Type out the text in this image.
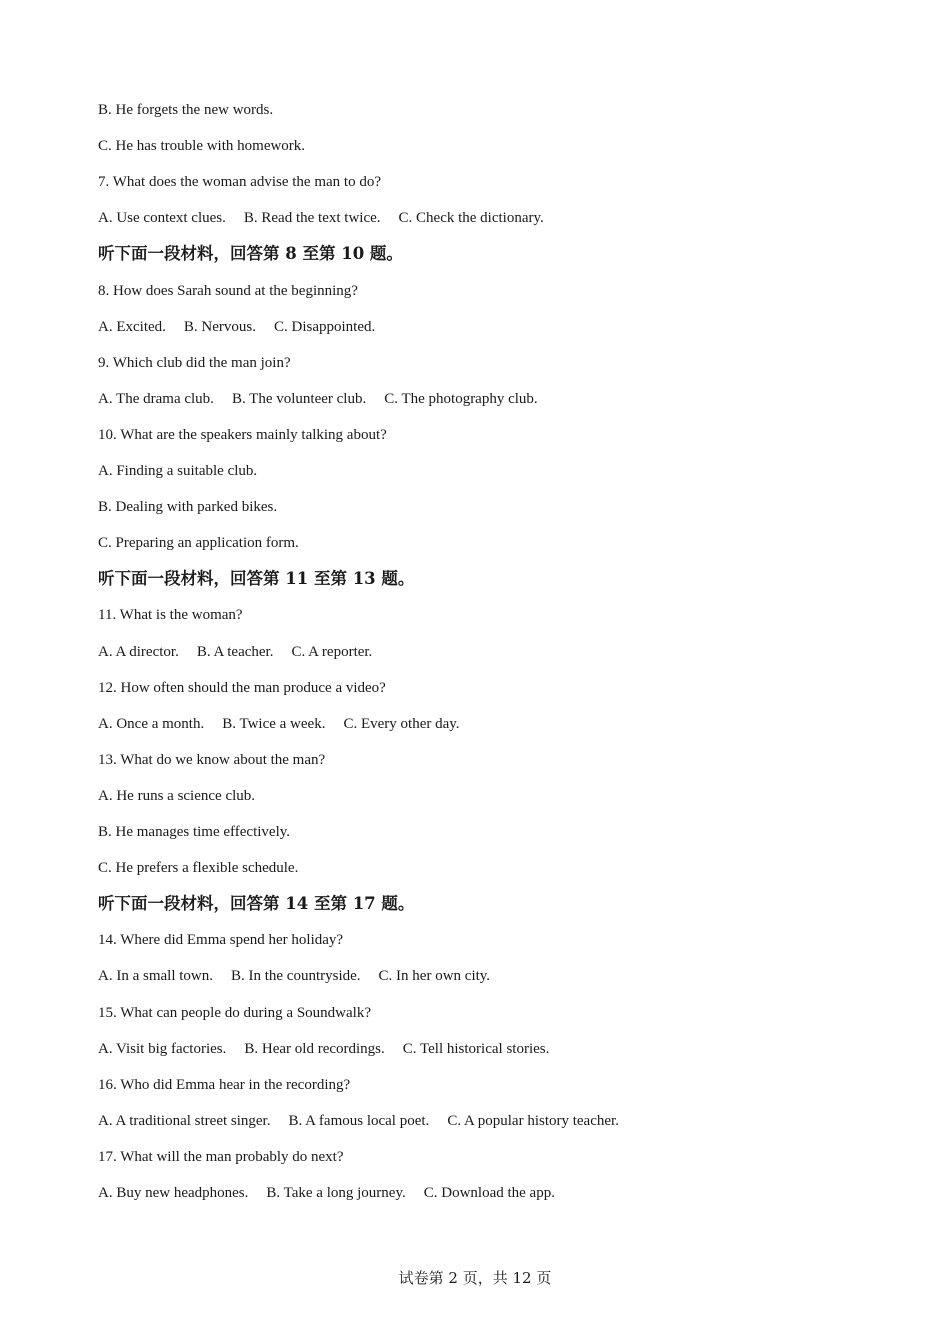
B. He forgets the new words.
C. He has trouble with homework.
7. What does the woman advise the man to do?
A. Use context clues. B. Read the text twice. C. Check the dictionary.
听下面一段材料，回答第 8 至第 10 题。
8. How does Sarah sound at the beginning?
A. Excited. B. Nervous. C. Disappointed.
9. Which club did the man join?
A. The drama club. B. The volunteer club. C. The photography club.
10. What are the speakers mainly talking about?
A. Finding a suitable club.
B. Dealing with parked bikes.
C. Preparing an application form.
听下面一段材料，回答第 11 至第 13 题。
11. What is the woman?
A. A director. B. A teacher. C. A reporter.
12. How often should the man produce a video?
A. Once a month. B. Twice a week. C. Every other day.
13. What do we know about the man?
A. He runs a science club.
B. He manages time effectively.
C. He prefers a flexible schedule.
听下面一段材料，回答第 14 至第 17 题。
14. Where did Emma spend her holiday?
A. In a small town. B. In the countryside. C. In her own city.
15. What can people do during a Soundwalk?
A. Visit big factories. B. Hear old recordings. C. Tell historical stories.
16. Who did Emma hear in the recording?
A. A traditional street singer. B. A famous local poet. C. A popular history teacher.
17. What will the man probably do next?
A. Buy new headphones. B. Take a long journey. C. Download the app.
试卷第 2 页，共 12 页
